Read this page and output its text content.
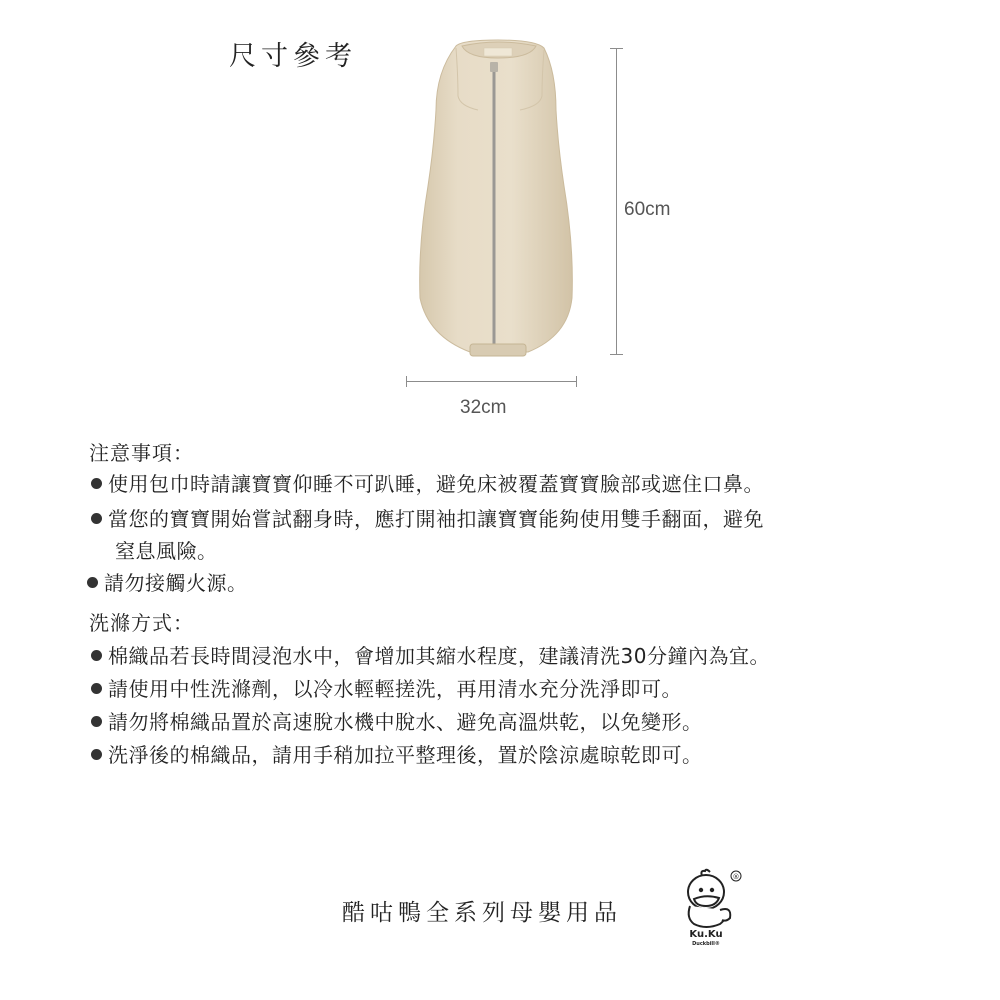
尺寸參考
60cm
32cm
注意事項：
使用包巾時請讓寶寶仰睡不可趴睡，避免床被覆蓋寶寶臉部或遮住口鼻。
當您的寶寶開始嘗試翻身時，應打開袖扣讓寶寶能夠使用雙手翻面，避免
窒息風險。
請勿接觸火源。
洗滌方式：
棉織品若長時間浸泡水中，會增加其縮水程度，建議清洗30分鐘內為宜。
請使用中性洗滌劑，以冷水輕輕搓洗，再用清水充分洗淨即可。
請勿將棉織品置於高速脫水機中脫水、避免高溫烘乾，以免變形。
洗淨後的棉織品，請用手稍加拉平整理後，置於陰涼處晾乾即可。
酷咕鴨全系列母嬰用品
®
Ku.Ku
Duckbill®
